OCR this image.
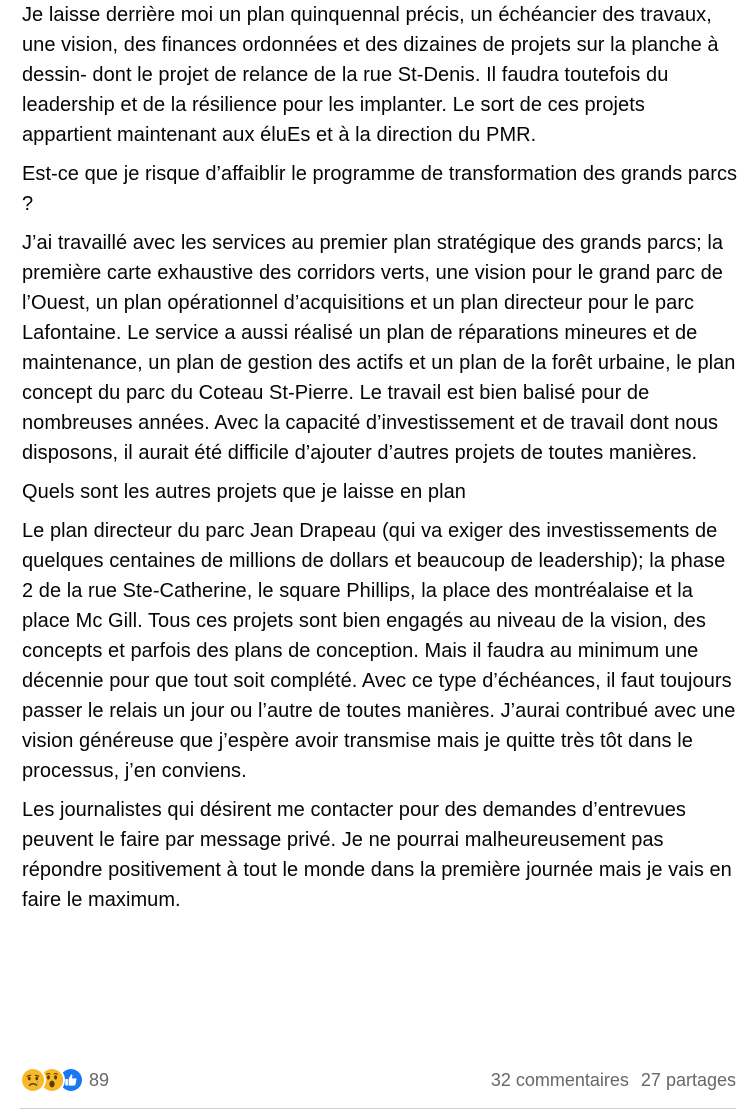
Je laisse derrière moi un plan quinquennal précis, un échéancier des travaux, une vision, des finances ordonnées et des dizaines de projets sur la planche à dessin- dont le projet de relance de la rue St-Denis. Il faudra toutefois du leadership et de la résilience pour les implanter. Le sort de ces projets appartient maintenant aux éluEs et à la direction du PMR.

Est-ce que je risque d’affaiblir le programme de transformation des grands parcs ?

J’ai travaillé avec les services au premier plan stratégique des grands parcs; la première carte exhaustive des corridors verts, une vision pour le grand parc de l’Ouest, un plan opérationnel d’acquisitions et un plan directeur pour le parc Lafontaine. Le service a aussi réalisé un plan de réparations mineures et de maintenance, un plan de gestion des actifs et un plan de la forêt urbaine, le plan concept du parc du Coteau St-Pierre. Le travail est bien balisé pour de nombreuses années. Avec la capacité d’investissement et de travail dont nous disposons, il aurait été difficile d’ajouter d’autres projets de toutes manières.

Quels sont les autres projets que je laisse en plan

Le plan directeur du parc Jean Drapeau (qui va exiger des investissements de quelques centaines de millions de dollars et beaucoup de leadership); la phase 2 de la rue Ste-Catherine, le square Phillips, la place des montréalaise et la place Mc Gill. Tous ces projets sont bien engagés au niveau de la vision, des concepts et parfois des plans de conception. Mais il faudra au minimum une décennie pour que tout soit complété. Avec ce type d’échéances, il faut toujours passer le relais un jour ou l’autre de toutes manières. J’aurai contribué avec une vision généreuse que j’espère avoir transmise mais je quitte très tôt dans le processus, j’en conviens.

Les journalistes qui désirent me contacter pour des demandes d’entrevues peuvent le faire par message privé. Je ne pourrai malheureusement pas répondre positivement à tout le monde dans la première journée mais je vais en faire le maximum.

89	32 commentaires 27 partages
